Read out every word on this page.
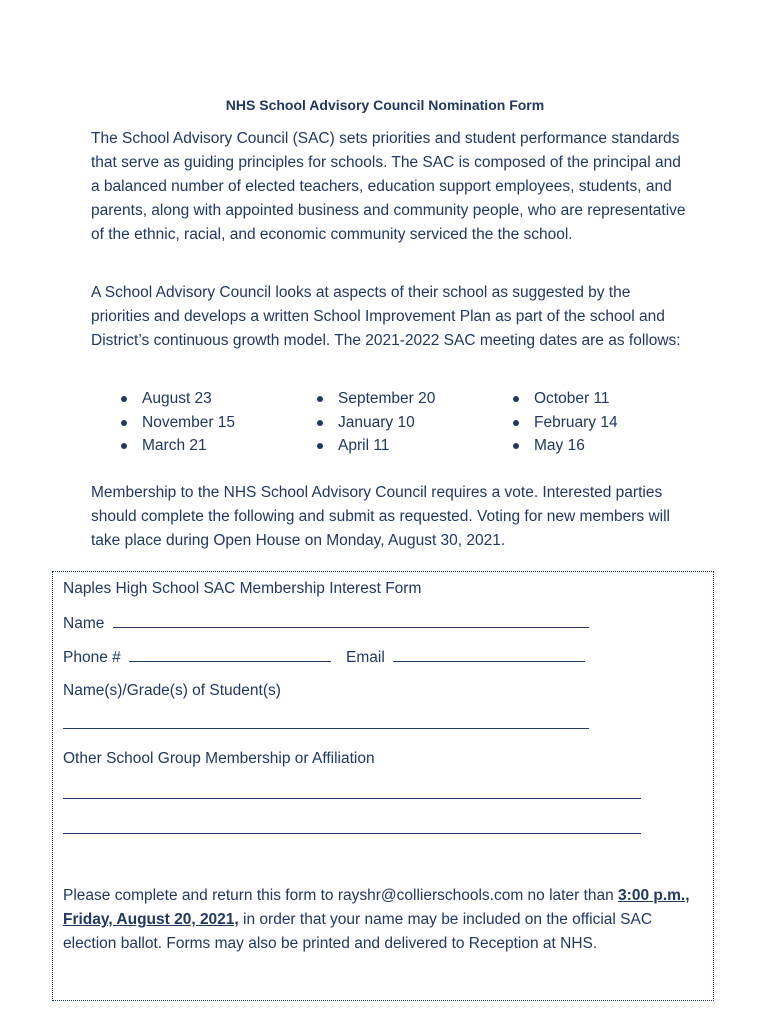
NHS School Advisory Council Nomination Form

The School Advisory Council (SAC) sets priorities and student performance standards that serve as guiding principles for schools. The SAC is composed of the principal and a balanced number of elected teachers, education support employees, students, and parents, along with appointed business and community people, who are representative of the ethnic, racial, and economic community serviced the the school.

A School Advisory Council looks at aspects of their school as suggested by the priorities and develops a written School Improvement Plan as part of the school and District’s continuous growth model. The 2021-2022 SAC meeting dates are as follows:

August 23
November 15
March 21
September 20
January 10
April 11
October 11
February 14
May 16

Membership to the NHS School Advisory Council requires a vote. Interested parties should complete the following and submit as requested. Voting for new members will take place during Open House on Monday, August 30, 2021.

Naples High School SAC Membership Interest Form
Name
Phone #	Email
Name(s)/Grade(s) of Student(s)
Other School Group Membership or Affiliation

Please complete and return this form to rayshr@collierschools.com no later than 3:00 p.m., Friday, August 20, 2021, in order that your name may be included on the official SAC election ballot. Forms may also be printed and delivered to Reception at NHS.
